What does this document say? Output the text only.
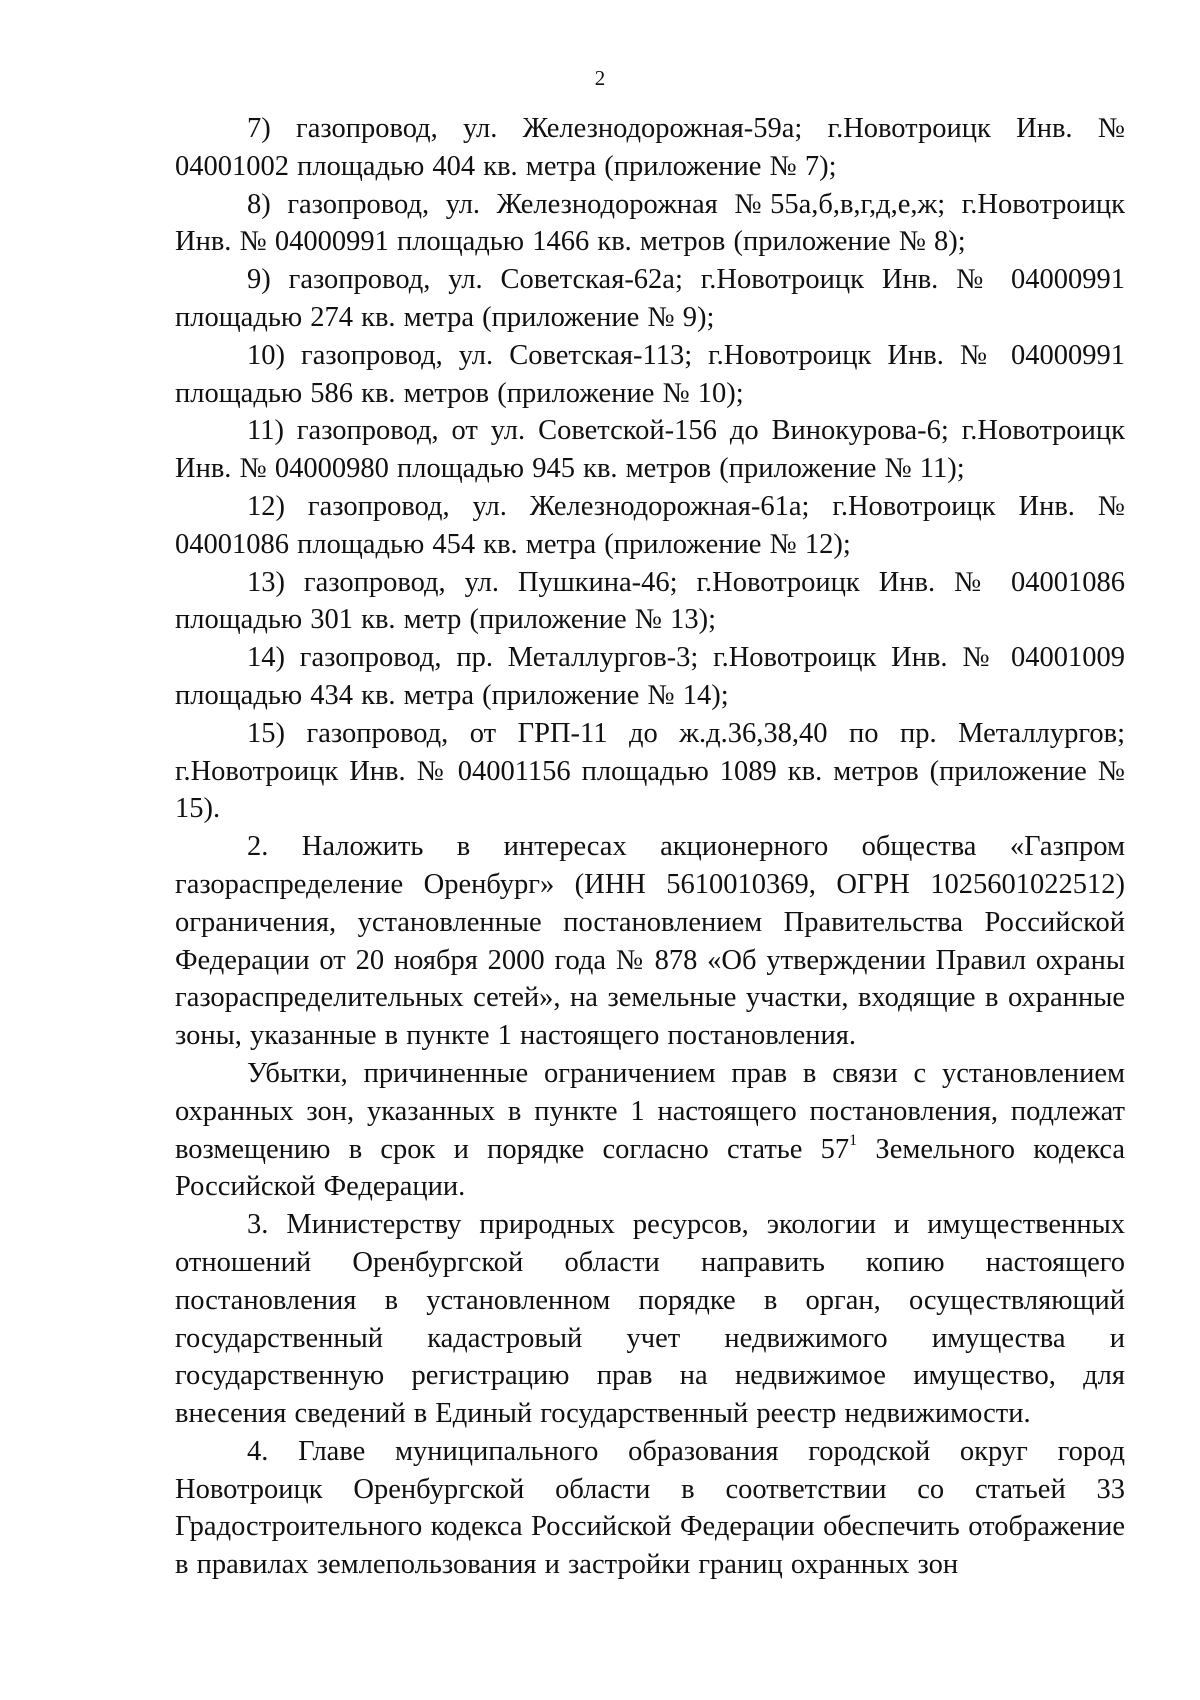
2

7) газопровод, ул. Железнодорожная-59а; г.Новотроицк Инв. № 04001002 площадью 404 кв. метра (приложение № 7);

8) газопровод, ул. Железнодорожная №55а,б,в,г,д,е,ж; г.Новотроицк Инв. № 04000991 площадью 1466 кв. метров (приложение № 8);

9) газопровод, ул. Советская-62а; г.Новотроицк Инв. № 04000991 площадью 274 кв. метра (приложение № 9);

10) газопровод, ул. Советская-113; г.Новотроицк Инв. № 04000991 площадью 586 кв. метров (приложение № 10);

11) газопровод, от ул. Советской-156 до Винокурова-6; г.Новотроицк Инв. № 04000980 площадью 945 кв. метров (приложение № 11);

12) газопровод, ул. Железнодорожная-61а; г.Новотроицк Инв. № 04001086 площадью 454 кв. метра (приложение № 12);

13) газопровод, ул. Пушкина-46; г.Новотроицк Инв. № 04001086 площадью 301 кв. метр (приложение № 13);

14) газопровод, пр. Металлургов-3; г.Новотроицк Инв. № 04001009 площадью 434 кв. метра (приложение № 14);

15) газопровод, от ГРП-11 до ж.д.36,38,40 по пр. Металлургов; г.Новотроицк Инв. № 04001156 площадью 1089 кв. метров (приложение № 15).

2. Наложить в интересах акционерного общества «Газпром газораспределение Оренбург» (ИНН 5610010369, ОГРН 1025601022512) ограничения, установленные постановлением Правительства Российской Федерации от 20 ноября 2000 года № 878 «Об утверждении Правил охраны газораспределительных сетей», на земельные участки, входящие в охранные зоны, указанные в пункте 1 настоящего постановления.

Убытки, причиненные ограничением прав в связи с установлением охранных зон, указанных в пункте 1 настоящего постановления, подлежат возмещению в срок и порядке согласно статье $57^1$ Земельного кодекса Российской Федерации.

3. Министерству природных ресурсов, экологии и имущественных отношений Оренбургской области направить копию настоящего постановления в установленном порядке в орган, осуществляющий государственный кадастровый учет недвижимого имущества и государственную регистрацию прав на недвижимое имущество, для внесения сведений в Единый государственный реестр недвижимости.

4. Главе муниципального образования городской округ город Новотроицк Оренбургской области в соответствии со статьей 33 Градостроительного кодекса Российской Федерации обеспечить отображение в правилах землепользования и застройки границ охранных зон
